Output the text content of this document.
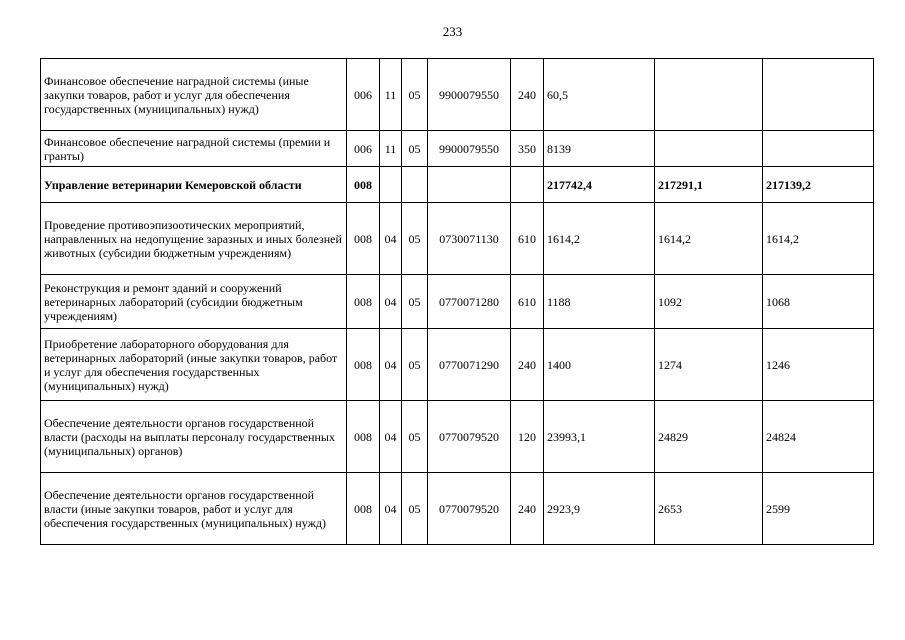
233
Финансовое обеспечение наградной системы (иные закупки товаров, работ и услуг для обеспечения государственных (муниципальных) нужд)	006	11	05	9900079550	240	60,5		
Финансовое обеспечение наградной системы (премии и гранты)	006	11	05	9900079550	350	8139		
Управление ветеринарии Кемеровской области	008					217742,4	217291,1	217139,2
Проведение противоэпизоотических мероприятий, направленных на недопущение заразных и иных болезней животных (субсидии бюджетным учреждениям)	008	04	05	0730071130	610	1614,2	1614,2	1614,2
Реконструкция и ремонт зданий и сооружений ветеринарных лабораторий (субсидии бюджетным учреждениям)	008	04	05	0770071280	610	1188	1092	1068
Приобретение лабораторного оборудования для ветеринарных лабораторий (иные закупки товаров, работ и услуг для обеспечения государственных (муниципальных) нужд)	008	04	05	0770071290	240	1400	1274	1246
Обеспечение деятельности органов государственной власти (расходы на выплаты персоналу государственных (муниципальных) органов)	008	04	05	0770079520	120	23993,1	24829	24824
Обеспечение деятельности органов государственной власти (иные закупки товаров, работ и услуг для обеспечения государственных (муниципальных) нужд)	008	04	05	0770079520	240	2923,9	2653	2599
